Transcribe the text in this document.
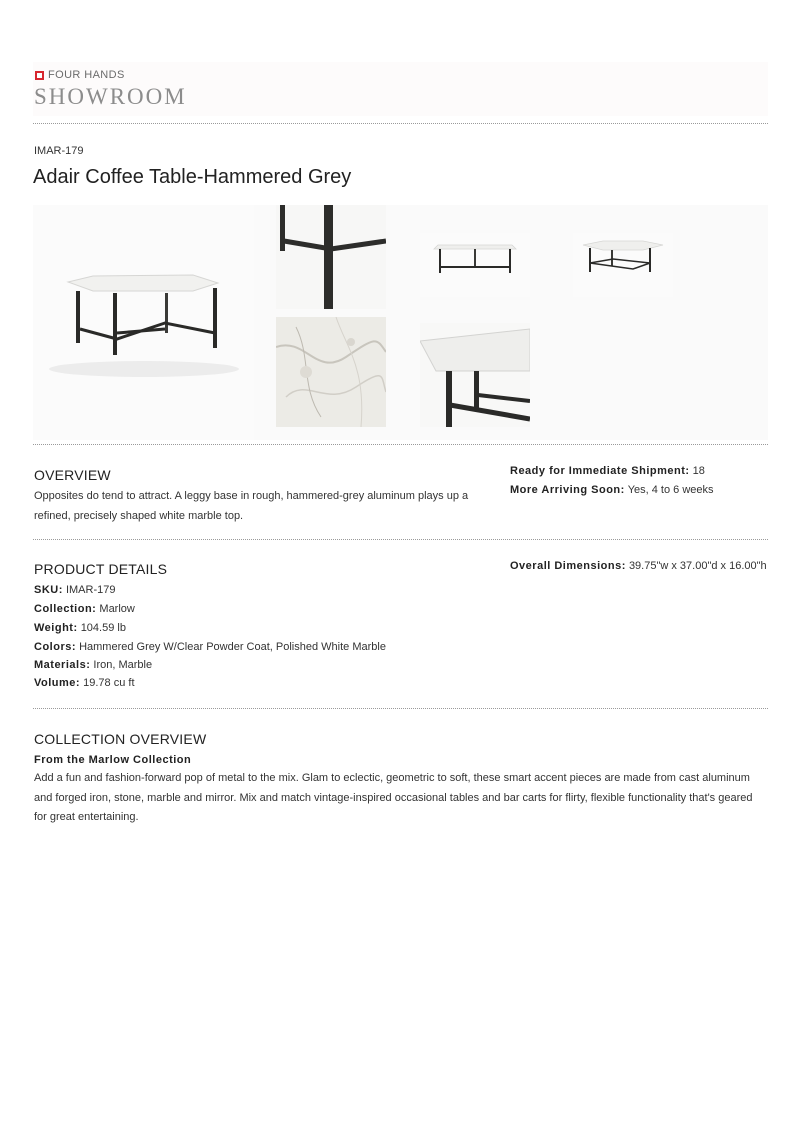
FOUR HANDS
SHOWROOM
IMAR-179
Adair Coffee Table-Hammered Grey
OVERVIEW
Opposites do tend to attract. A leggy base in rough, hammered-grey aluminum plays up a
refined, precisely shaped white marble top.
Ready for Immediate Shipment: 18
More Arriving Soon: Yes, 4 to 6 weeks
PRODUCT DETAILS
SKU: IMAR-179
Collection: Marlow
Weight: 104.59 lb
Colors: Hammered Grey W/Clear Powder Coat, Polished White Marble
Materials: Iron, Marble
Volume: 19.78 cu ft
Overall Dimensions: 39.75"w x 37.00"d x 16.00"h
COLLECTION OVERVIEW
From the Marlow Collection
Add a fun and fashion-forward pop of metal to the mix. Glam to eclectic, geometric to soft, these smart accent pieces are made from cast aluminum
and forged iron, stone, marble and mirror. Mix and match vintage-inspired occasional tables and bar carts for flirty, flexible functionality that's geared
for great entertaining.
